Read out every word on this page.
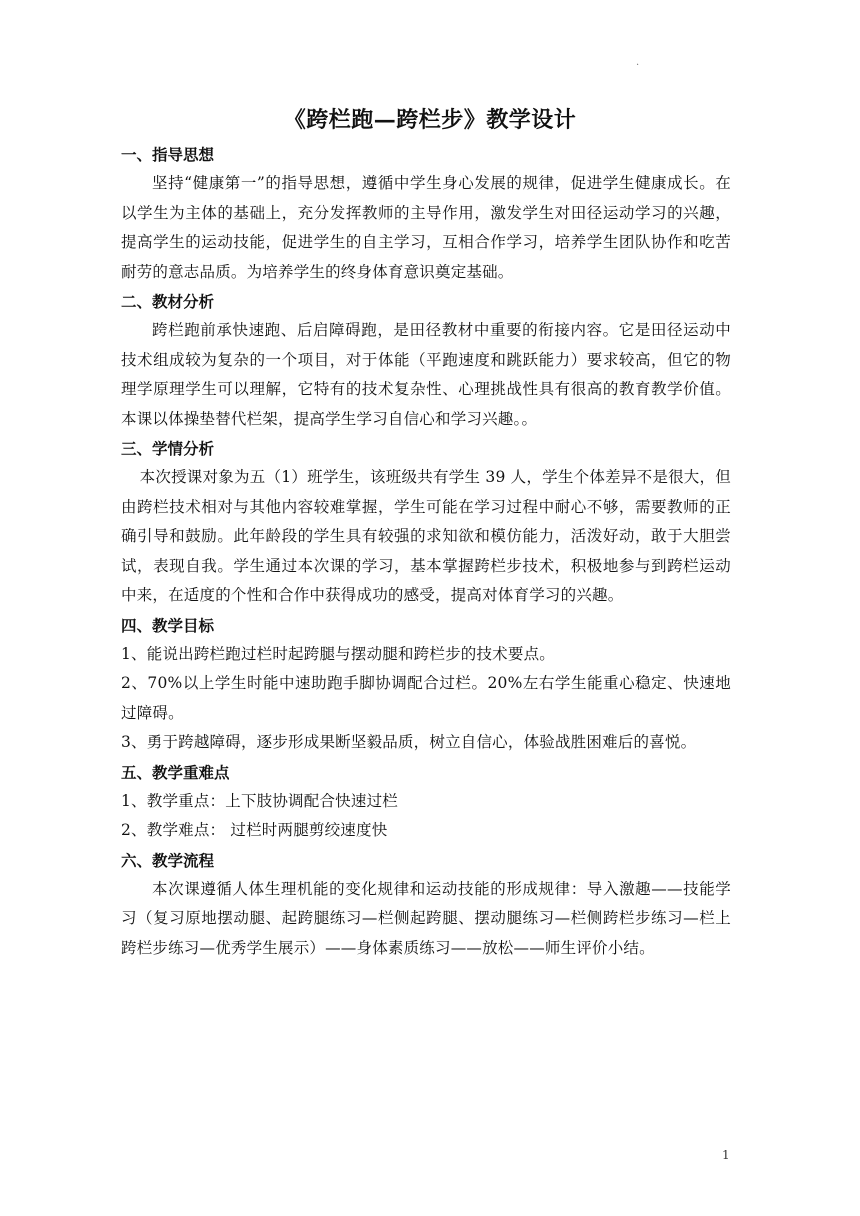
.
《跨栏跑—跨栏步》教学设计

一、指导思想

坚持“健康第一”的指导思想，遵循中学生身心发展的规律，促进学生健康成长。在以学生为主体的基础上，充分发挥教师的主导作用，激发学生对田径运动学习的兴趣，提高学生的运动技能，促进学生的自主学习，互相合作学习，培养学生团队协作和吃苦耐劳的意志品质。为培养学生的终身体育意识奠定基础。

二、教材分析

跨栏跑前承快速跑、后启障碍跑，是田径教材中重要的衔接内容。它是田径运动中技术组成较为复杂的一个项目，对于体能（平跑速度和跳跃能力）要求较高，但它的物理学原理学生可以理解，它特有的技术复杂性、心理挑战性具有很高的教育教学价值。本课以体操垫替代栏架，提高学生学习自信心和学习兴趣。。

三、学情分析

本次授课对象为五（1）班学生，该班级共有学生 39 人，学生个体差异不是很大，但由跨栏技术相对与其他内容较难掌握，学生可能在学习过程中耐心不够，需要教师的正确引导和鼓励。此年龄段的学生具有较强的求知欲和模仿能力，活泼好动，敢于大胆尝试，表现自我。学生通过本次课的学习，基本掌握跨栏步技术，积极地参与到跨栏运动中来，在适度的个性和合作中获得成功的感受，提高对体育学习的兴趣。

四、教学目标

1、能说出跨栏跑过栏时起跨腿与摆动腿和跨栏步的技术要点。

2、70%以上学生时能中速助跑手脚协调配合过栏。20%左右学生能重心稳定、快速地过障碍。

3、勇于跨越障碍，逐步形成果断坚毅品质，树立自信心，体验战胜困难后的喜悦。

五、教学重难点

1、教学重点：上下肢协调配合快速过栏

2、教学难点： 过栏时两腿剪绞速度快

六、教学流程

本次课遵循人体生理机能的变化规律和运动技能的形成规律：导入激趣——技能学习（复习原地摆动腿、起跨腿练习—栏侧起跨腿、摆动腿练习—栏侧跨栏步练习—栏上跨栏步练习—优秀学生展示）——身体素质练习——放松——师生评价小结。

1
